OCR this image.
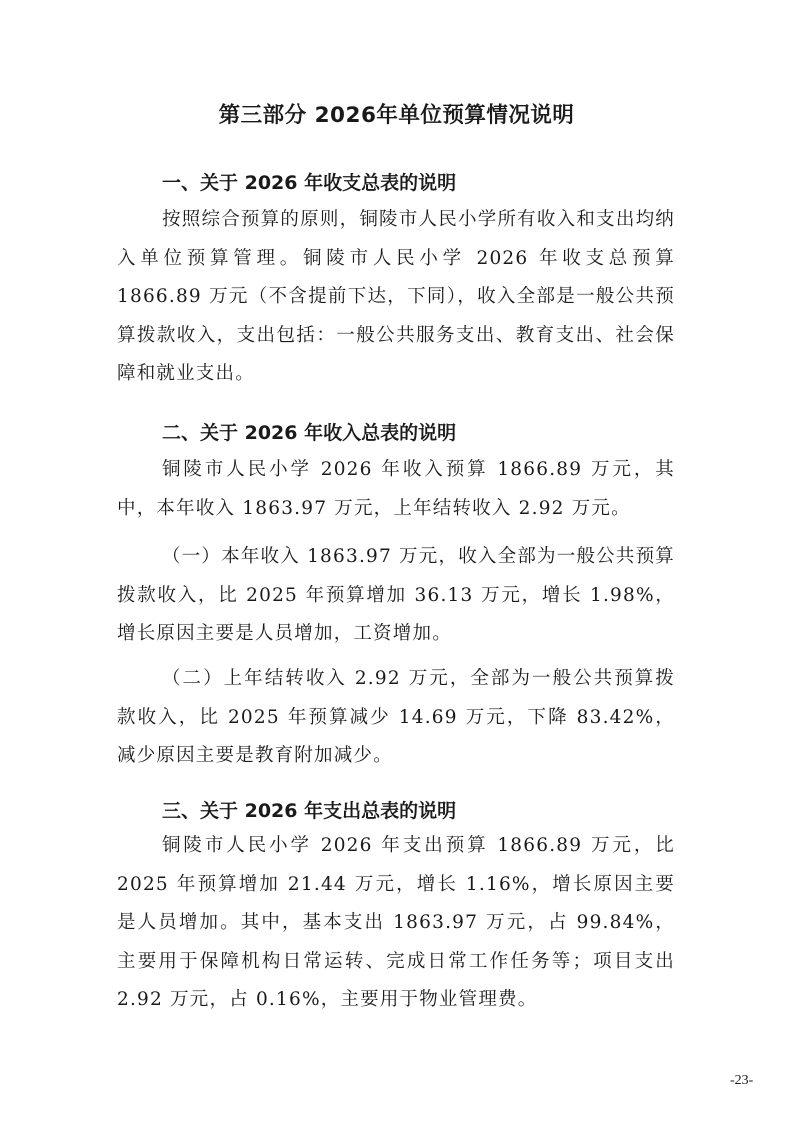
第三部分 2026年单位预算情况说明
一、关于 2026 年收支总表的说明
按照综合预算的原则，铜陵市人民小学所有收入和支出均纳入单位预算管理。铜陵市人民小学 2026 年收支总预算 1866.89 万元（不含提前下达，下同），收入全部是一般公共预算拨款收入，支出包括：一般公共服务支出、教育支出、社会保障和就业支出。
二、关于 2026 年收入总表的说明
铜陵市人民小学 2026 年收入预算 1866.89 万元，其中，本年收入 1863.97 万元，上年结转收入 2.92 万元。
（一）本年收入 1863.97 万元，收入全部为一般公共预算拨款收入，比 2025 年预算增加 36.13 万元，增长 1.98%，增长原因主要是人员增加，工资增加。
（二）上年结转收入 2.92 万元，全部为一般公共预算拨款收入，比 2025 年预算减少 14.69 万元，下降 83.42%，减少原因主要是教育附加减少。
三、关于 2026 年支出总表的说明
铜陵市人民小学 2026 年支出预算 1866.89 万元，比 2025 年预算增加 21.44 万元，增长 1.16%，增长原因主要是人员增加。其中，基本支出 1863.97 万元，占 99.84%，主要用于保障机构日常运转、完成日常工作任务等；项目支出 2.92 万元，占 0.16%，主要用于物业管理费。
-23-
